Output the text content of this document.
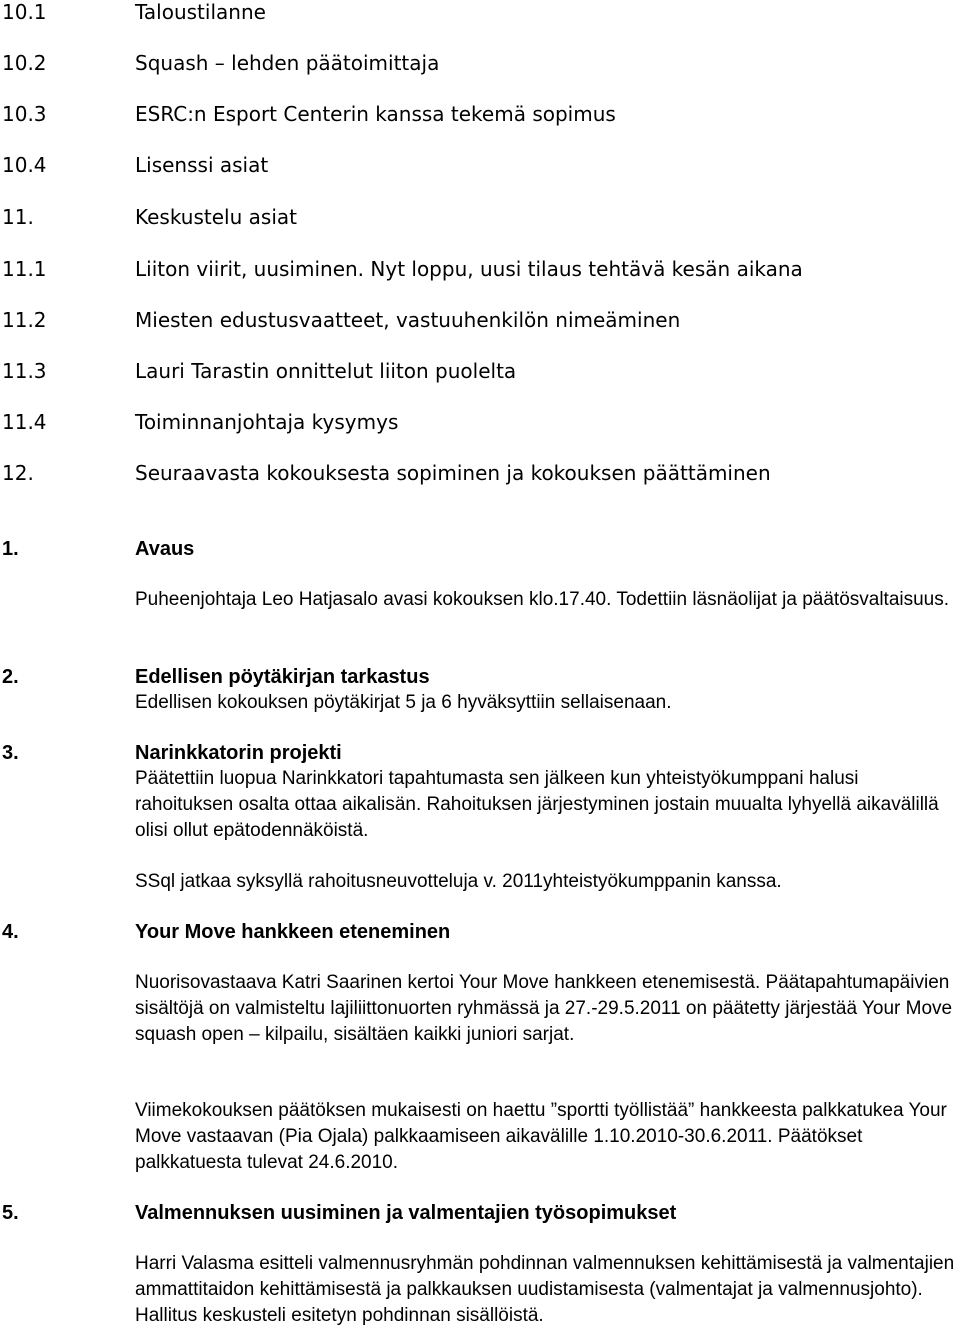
10.1	Taloustilanne
10.2	Squash – lehden päätoimittaja
10.3	ESRC:n Esport Centerin kanssa tekemä sopimus
10.4	Lisenssi asiat
11.	Keskustelu asiat
11.1	Liiton viirit, uusiminen. Nyt loppu, uusi tilaus tehtävä kesän aikana
11.2	Miesten edustusvaatteet, vastuuhenkilön nimeäminen
11.3	Lauri Tarastin onnittelut liiton puolelta
11.4	Toiminnanjohtaja kysymys
12.	Seuraavasta kokouksesta sopiminen ja kokouksen päättäminen
1.	Avaus

Puheenjohtaja Leo Hatjasalo avasi kokouksen klo.17.40. Todettiin läsnäolijat ja päätösvaltaisuus.

2.	Edellisen pöytäkirjan tarkastus

Edellisen kokouksen pöytäkirjat 5 ja 6 hyväksyttiin sellaisenaan.

3.	Narinkkatorin projekti

Päätettiin luopua Narinkkatori tapahtumasta sen jälkeen kun yhteistyökumppani halusi rahoituksen osalta ottaa aikalisän. Rahoituksen järjestyminen jostain muualta lyhyellä aikavälillä olisi ollut epätodennäköistä.

SSql jatkaa syksyllä rahoitusneuvotteluja v. 2011yhteistyökumppanin kanssa.

4.	Your Move hankkeen eteneminen

Nuorisovastaava Katri Saarinen kertoi Your Move hankkeen etenemisestä. Päätapahtumapäivien sisältöjä on valmisteltu lajiliittonuorten ryhmässä ja 27.-29.5.2011 on päätetty järjestää Your Move squash open – kilpailu, sisältäen kaikki juniori sarjat.

Viimekokouksen päätöksen mukaisesti on haettu ”sportti työllistää” hankkeesta palkkatukea Your Move vastaavan (Pia Ojala) palkkaamiseen aikavälille 1.10.2010-30.6.2011. Päätökset palkkatuesta tulevat 24.6.2010.

5.	Valmennuksen uusiminen ja valmentajien työsopimukset

Harri Valasma esitteli valmennusryhmän pohdinnan valmennuksen kehittämisestä ja valmentajien ammattitaidon kehittämisestä ja palkkauksen uudistamisesta (valmentajat ja valmennusjohto). Hallitus keskusteli esitetyn pohdinnan sisällöistä.
